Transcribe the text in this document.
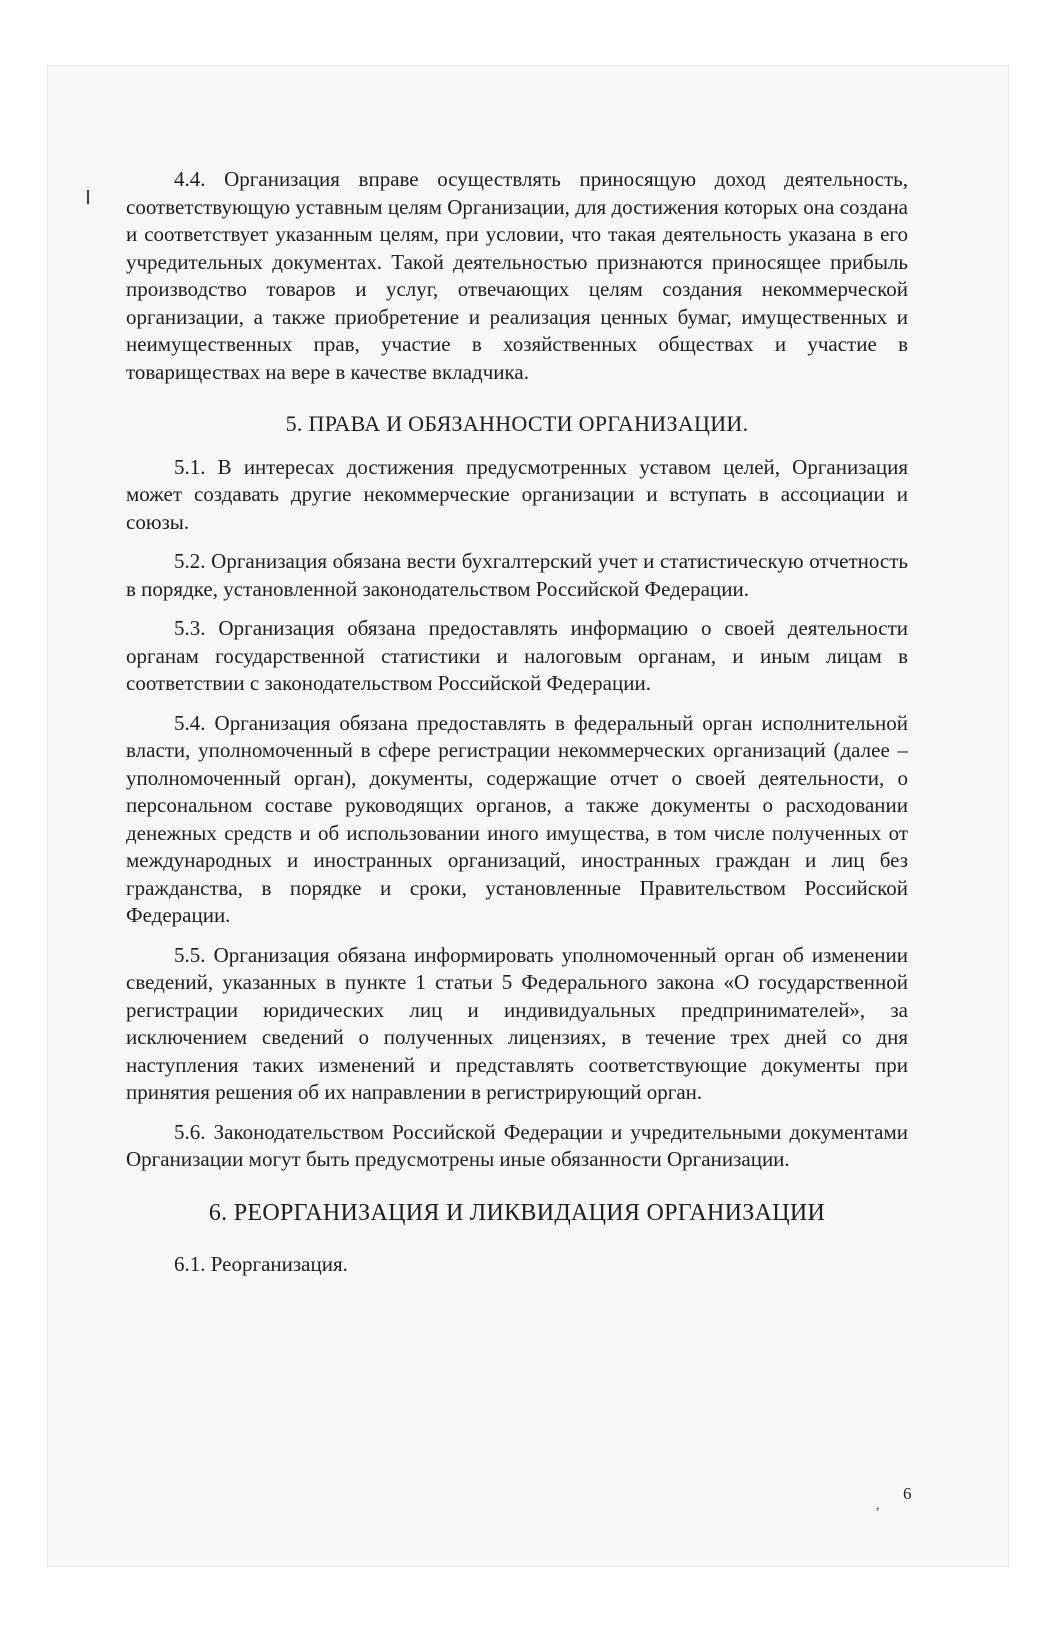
4.4. Организация вправе осуществлять приносящую доход деятельность, соответствующую уставным целям Организации, для достижения которых она создана и соответствует указанным целям, при условии, что такая деятельность указана в его учредительных документах. Такой деятельностью признаются приносящее прибыль производство товаров и услуг, отвечающих целям создания некоммерческой организации, а также приобретение и реализация ценных бумаг, имущественных и неимущественных прав, участие в хозяйственных обществах и участие в товариществах на вере в качестве вкладчика.

5. ПРАВА И ОБЯЗАННОСТИ ОРГАНИЗАЦИИ.

5.1. В интересах достижения предусмотренных уставом целей, Организация может создавать другие некоммерческие организации и вступать в ассоциации и союзы.

5.2. Организация обязана вести бухгалтерский учет и статистическую отчетность в порядке, установленной законодательством Российской Федерации.

5.3. Организация обязана предоставлять информацию о своей деятельности органам государственной статистики и налоговым органам, и иным лицам в соответствии с законодательством Российской Федерации.

5.4. Организация обязана предоставлять в федеральный орган исполнительной власти, уполномоченный в сфере регистрации некоммерческих организаций (далее – уполномоченный орган), документы, содержащие отчет о своей деятельности, о персональном составе руководящих органов, а также документы о расходовании денежных средств и об использовании иного имущества, в том числе полученных от международных и иностранных организаций, иностранных граждан и лиц без гражданства, в порядке и сроки, установленные Правительством Российской Федерации.

5.5. Организация обязана информировать уполномоченный орган об изменении сведений, указанных в пункте 1 статьи 5 Федерального закона «О государственной регистрации юридических лиц и индивидуальных предпринимателей», за исключением сведений о полученных лицензиях, в течение трех дней со дня наступления таких изменений и представлять соответствующие документы при принятия решения об их направлении в регистрирующий орган.

5.6. Законодательством Российской Федерации и учредительными документами Организации могут быть предусмотрены иные обязанности Организации.

6. РЕОРГАНИЗАЦИЯ И ЛИКВИДАЦИЯ ОРГАНИЗАЦИИ

6.1. Реорганизация.

,
6
